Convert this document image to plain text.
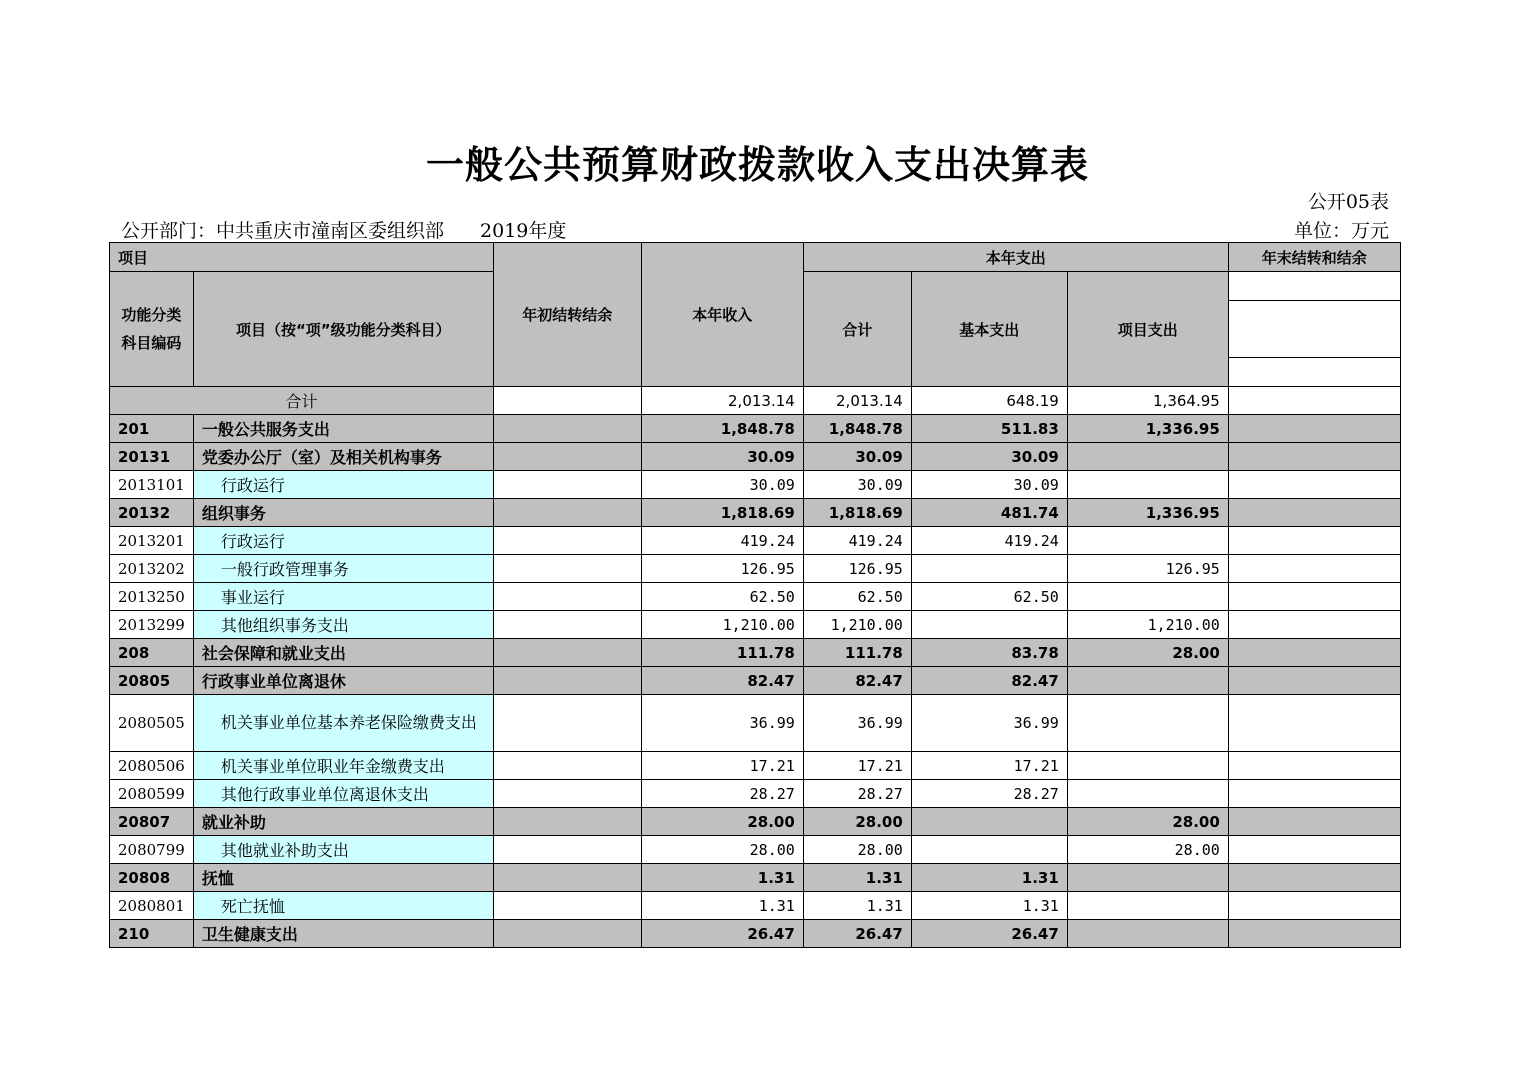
一般公共预算财政拨款收入支出决算表
公开05表
公开部门：中共重庆市潼南区委组织部 2019年度	单位：万元
项目		年初结转结余	本年收入	本年支出			年末结转和结余
功能分类科目编码	项目（按“项”级功能分类科目）			合计	基本支出	项目支出	

合计			2,013.14	2,013.14	648.19	1,364.95	
201	一般公共服务支出		1,848.78	1,848.78	511.83	1,336.95	
20131	党委办公厅（室）及相关机构事务		30.09	30.09	30.09		
2013101	行政运行		30.09	30.09	30.09		
20132	组织事务		1,818.69	1,818.69	481.74	1,336.95	
2013201	行政运行		419.24	419.24	419.24		
2013202	一般行政管理事务		126.95	126.95		126.95	
2013250	事业运行		62.50	62.50	62.50		
2013299	其他组织事务支出		1,210.00	1,210.00		1,210.00	
208	社会保障和就业支出		111.78	111.78	83.78	28.00	
20805	行政事业单位离退休		82.47	82.47	82.47		
2080505	机关事业单位基本养老保险缴费支出		36.99	36.99	36.99		
2080506	机关事业单位职业年金缴费支出		17.21	17.21	17.21		
2080599	其他行政事业单位离退休支出		28.27	28.27	28.27		
20807	就业补助		28.00	28.00		28.00	
2080799	其他就业补助支出		28.00	28.00		28.00	
20808	抚恤		1.31	1.31	1.31		
2080801	死亡抚恤		1.31	1.31	1.31		
210	卫生健康支出		26.47	26.47	26.47		
